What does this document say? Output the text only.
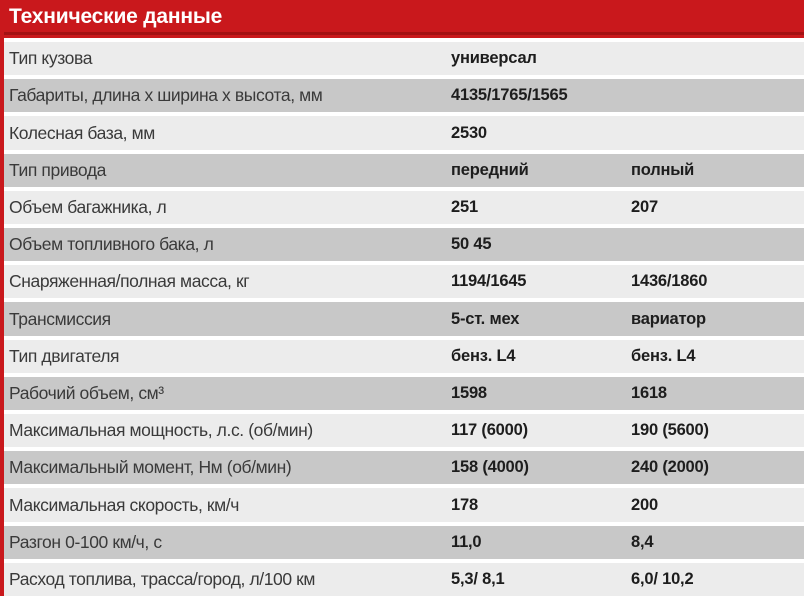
Технические данные
Тип кузова	универсал
Габариты, длина х ширина х высота, мм	4135/1765/1565
Колесная база, мм	2530
Тип привода	передний	полный
Объем багажника, л	251	207
Объем топливного бака, л	50 45
Снаряженная/полная масса, кг	1194/1645	1436/1860
Трансмиссия	5-ст. мех	вариатор
Тип двигателя	бенз. L4	бенз. L4
Рабочий объем, см³	1598	1618
Максимальная мощность, л.с. (об/мин)	117 (6000)	190 (5600)
Максимальный момент, Нм (об/мин)	158 (4000)	240 (2000)
Максимальная скорость, км/ч	178	200
Разгон 0-100 км/ч, с	11,0	8,4
Расход топлива, трасса/город, л/100 км	5,3/ 8,1	6,0/ 10,2
